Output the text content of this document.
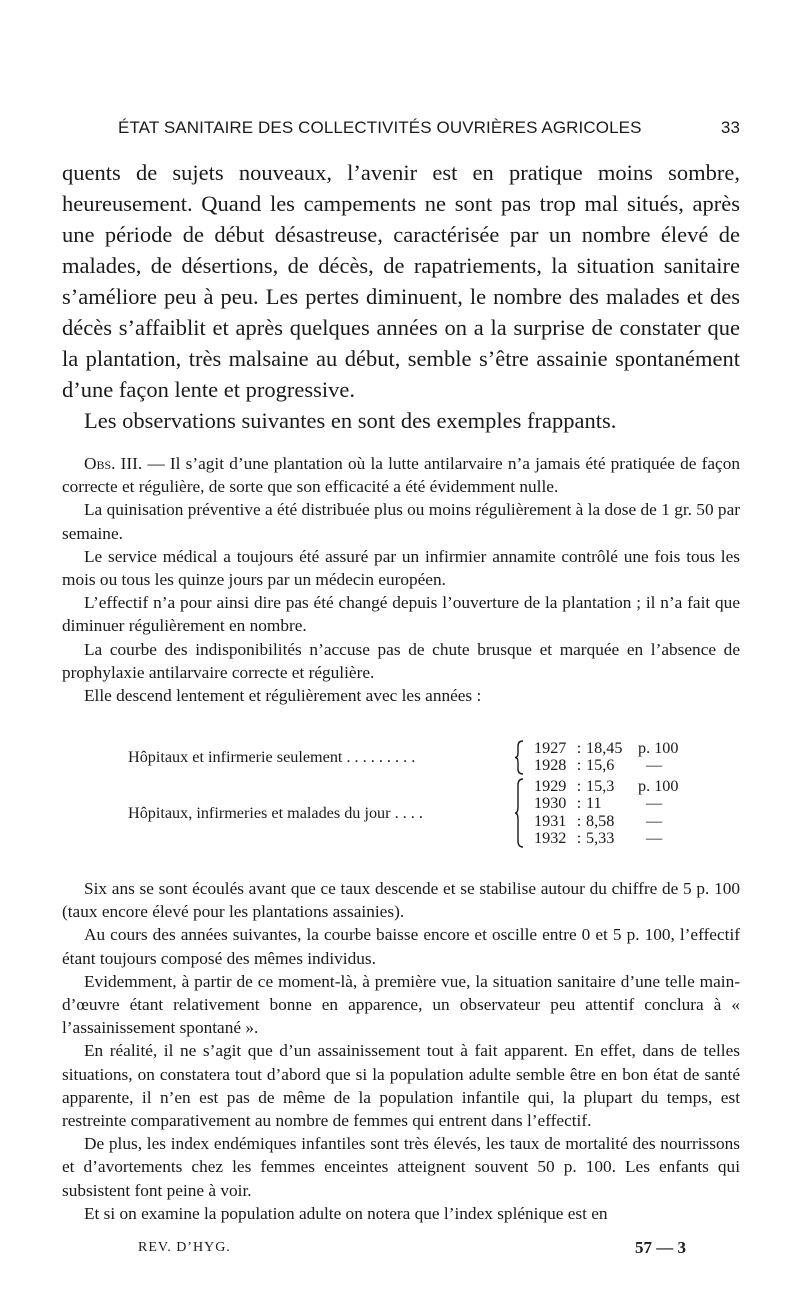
ÉTAT SANITAIRE DES COLLECTIVITÉS OUVRIÈRES AGRICOLES	33

quents de sujets nouveaux, l’avenir est en pratique moins sombre, heureusement. Quand les campements ne sont pas trop mal situés, après une période de début désastreuse, caractérisée par un nombre élevé de malades, de désertions, de décès, de rapatriements, la situation sanitaire s’améliore peu à peu. Les pertes diminuent, le nombre des malades et des décès s’affaiblit et après quelques années on a la surprise de constater que la plantation, très malsaine au début, semble s’être assainie spontanément d’une façon lente et progressive.

Les observations suivantes en sont des exemples frappants.

Obs. III. — Il s’agit d’une plantation où la lutte antilarvaire n’a jamais été pratiquée de façon correcte et régulière, de sorte que son efficacité a été évidemment nulle.

La quinisation préventive a été distribuée plus ou moins régulièrement à la dose de 1 gr. 50 par semaine.

Le service médical a toujours été assuré par un infirmier annamite contrôlé une fois tous les mois ou tous les quinze jours par un médecin européen.

L’effectif n’a pour ainsi dire pas été changé depuis l’ouverture de la plantation ; il n’a fait que diminuer régulièrement en nombre.

La courbe des indisponibilités n’accuse pas de chute brusque et marquée en l’absence de prophylaxie antilarvaire correcte et régulière.

Elle descend lentement et régulièrement avec les années :

Hôpitaux et infirmerie seulement . . . . . . . . .	1927 : 18,45 p. 100
1928 : 15,6 —
Hôpitaux, infirmeries et malades du jour . . . .
1929 : 15,3 p. 100
1930 : 11	—
1931 : 8,58 —
1932 : 5,33 —

Six ans se sont écoulés avant que ce taux descende et se stabilise autour du chiffre de 5 p. 100 (taux encore élevé pour les plantations assainies).

Au cours des années suivantes, la courbe baisse encore et oscille entre 0 et 5 p. 100, l’effectif étant toujours composé des mêmes individus.

Evidemment, à partir de ce moment-là, à première vue, la situation sanitaire d’une telle main-d’œuvre étant relativement bonne en apparence, un observateur peu attentif conclura à « l’assainissement spontané ».

En réalité, il ne s’agit que d’un assainissement tout à fait apparent. En effet, dans de telles situations, on constatera tout d’abord que si la population adulte semble être en bon état de santé apparente, il n’en est pas de même de la population infantile qui, la plupart du temps, est restreinte comparativement au nombre de femmes qui entrent dans l’effectif.

De plus, les index endémiques infantiles sont très élevés, les taux de mortalité des nourrissons et d’avortements chez les femmes enceintes atteignent souvent 50 p. 100. Les enfants qui subsistent font peine à voir.

Et si on examine la population adulte on notera que l’index splénique est en

REV. D’HYG.	57 — 3
